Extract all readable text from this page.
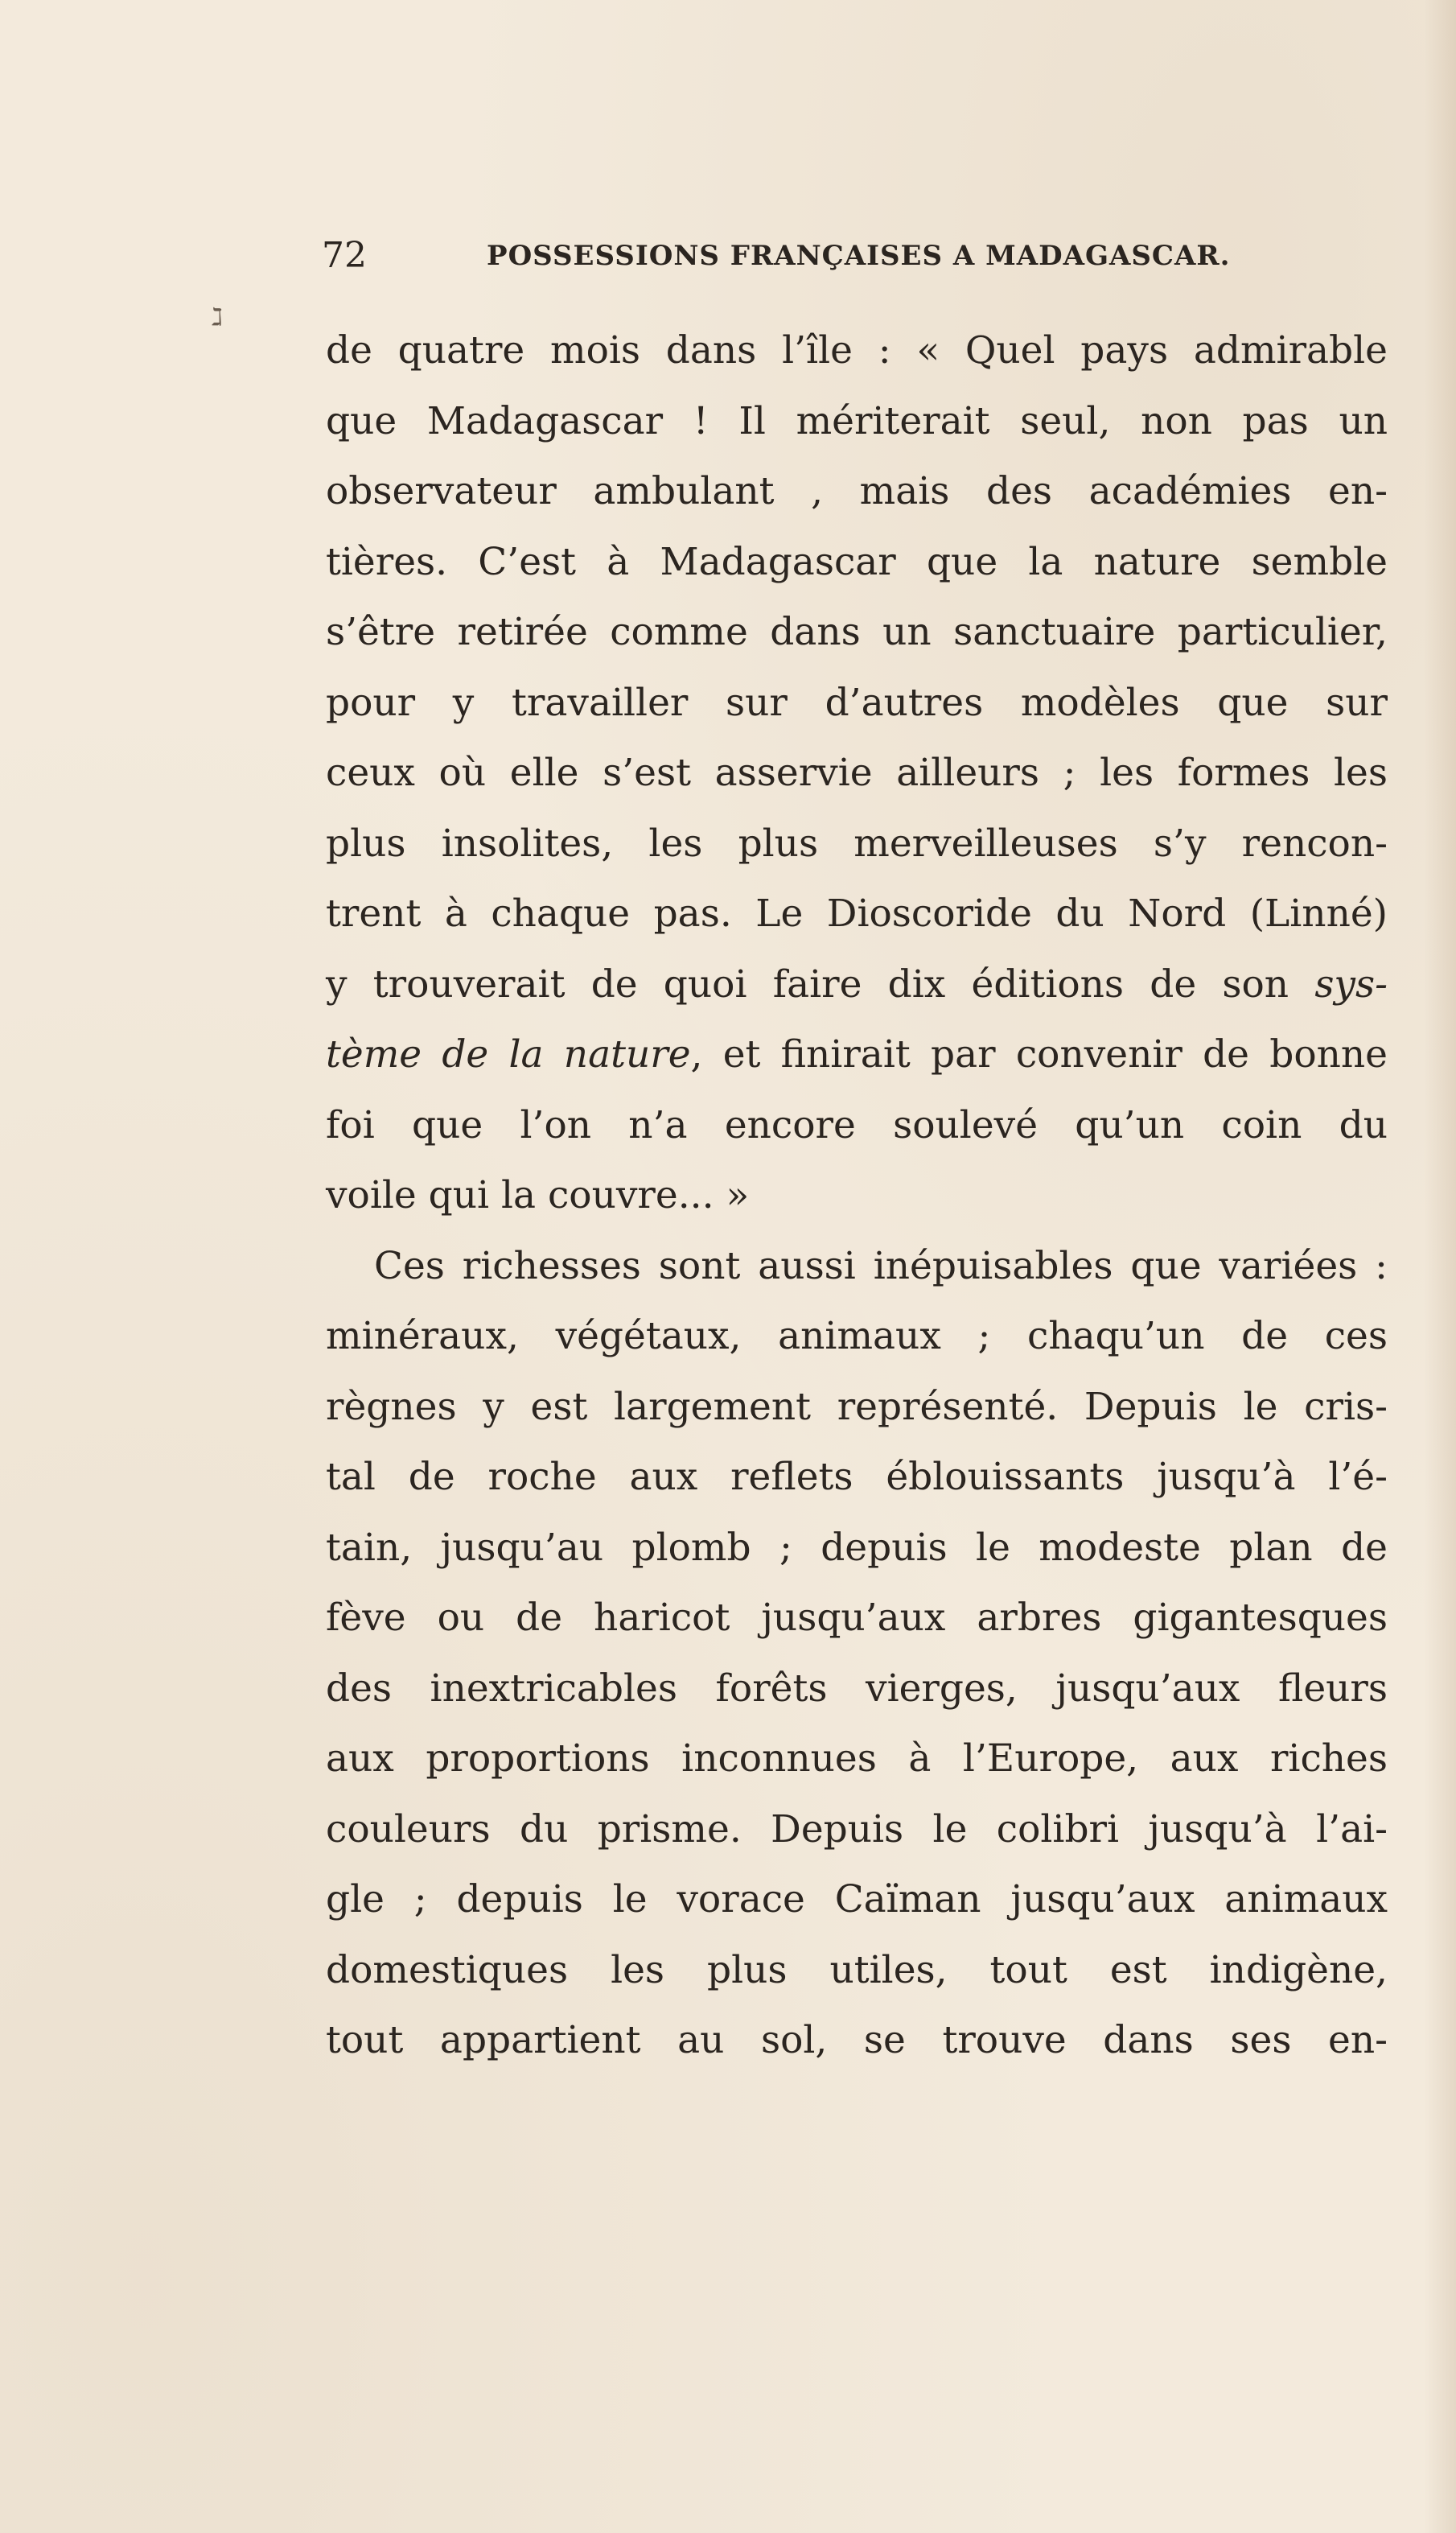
72	POSSESSIONS FRANÇAISES A MADAGASCAR.
ℷ
de quatre mois dans l’île : « Quel pays admirable
que Madagascar ! Il mériterait seul, non pas un
observateur ambulant , mais des académies en-
tières. C’est à Madagascar que la nature semble
s’être retirée comme dans un sanctuaire particulier,
pour y travailler sur d’autres modèles que sur
ceux où elle s’est asservie ailleurs ; les formes les
plus insolites, les plus merveilleuses s’y rencon-
trent à chaque pas. Le Dioscoride du Nord (Linné)
y trouverait de quoi faire dix éditions de son sys-
tème de la nature, et finirait par convenir de bonne
foi que l’on n’a encore soulevé qu’un coin du
voile qui la couvre... »
Ces richesses sont aussi inépuisables que variées :
minéraux, végétaux, animaux ; chaqu’un de ces
règnes y est largement représenté. Depuis le cris-
tal de roche aux reflets éblouissants jusqu’à l’é-
tain, jusqu’au plomb ; depuis le modeste plan de
fève ou de haricot jusqu’aux arbres gigantesques
des inextricables forêts vierges, jusqu’aux fleurs
aux proportions inconnues à l’Europe, aux riches
couleurs du prisme. Depuis le colibri jusqu’à l’ai-
gle ; depuis le vorace Caïman jusqu’aux animaux
domestiques les plus utiles, tout est indigène,
tout appartient au sol, se trouve dans ses en-
